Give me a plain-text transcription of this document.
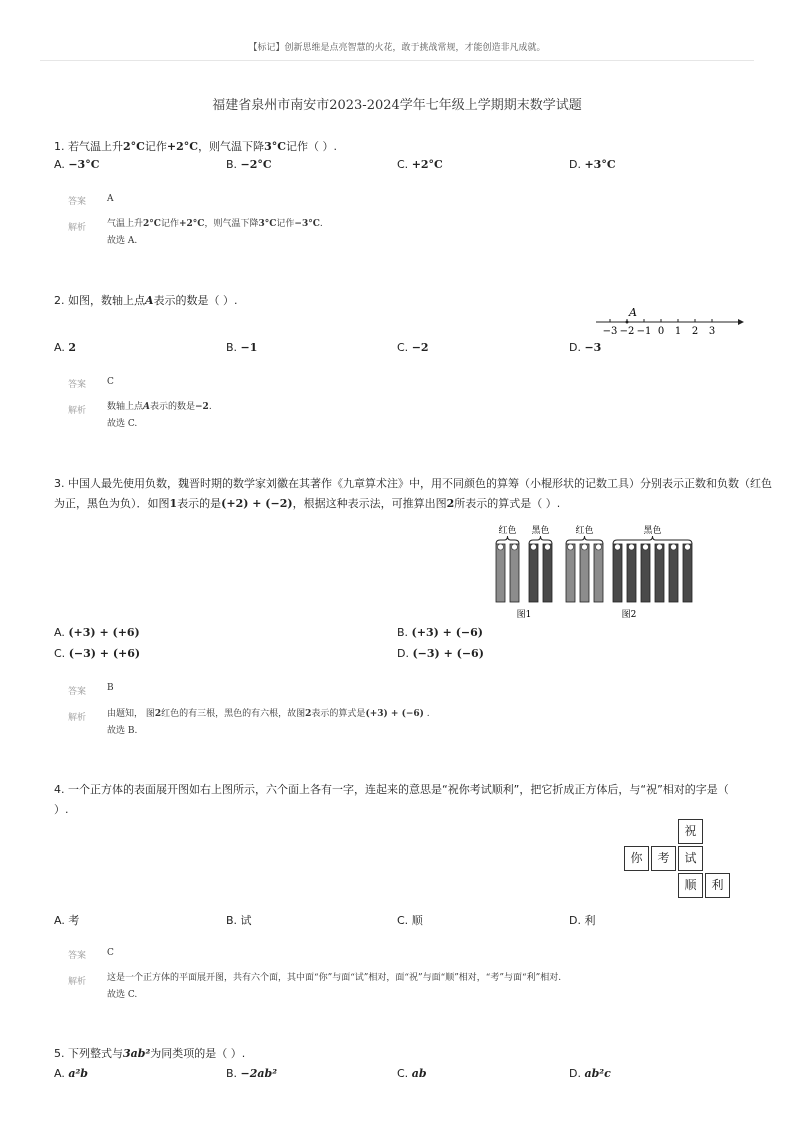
【标记】创新思维是点亮智慧的火花，敢于挑战常规，才能创造非凡成就。
福建省泉州市南安市2023-2024学年七年级上学期期末数学试题
1. 若气温上升2°C记作+2°C，则气温下降3°C记作（ ）.
A. −3°C	B. −2°C	C. +2°C	D. +3°C
答案 A
解析 气温上升2°C记作+2°C，则气温下降3°C记作−3°C.
故选 A.
2. 如图，数轴上点A表示的数是（ ）.
−3 −2 −1 0 1 2 3
A
A. 2	B. −1	C. −2	D. −3
答案 C
解析 数轴上点A表示的数是−2.
故选 C.
3. 中国人最先使用负数，魏晋时期的数学家刘徽在其著作《九章算术注》中，用不同颜色的算筹（小棍形状的记数工具）分别表示正数和负数（红色
为正，黑色为负）．如图1表示的是(+2) + (−2)，根据这种表示法，可推算出图2所表示的算式是（ ）.
红色 黑色
图1
红色	黑色
图2
A. (+3) + (+6)	B. (+3) + (−6)
C. (−3) + (+6)	D. (−3) + (−6)
答案 B
解析 由题知， 图2红色的有三根，黑色的有六根，故图2表示的算式是(+3) + (−6) .
故选 B.
4. 一个正方体的表面展开图如右上图所示，六个面上各有一字，连起来的意思是“祝你考试顺利”，把它折成正方体后，与“祝”相对的字是（
）.
祝
你	考	试
顺	利
A. 考	B. 试	C. 顺	D. 利
答案 C
解析 这是一个正方体的平面展开图，共有六个面，其中面“你”与面“试”相对，面“祝”与面“顺”相对，“考”与面“利”相对.
故选 C.
5. 下列整式与3ab²为同类项的是（ ）.
A. a²b	B. −2ab²	C. ab	D. ab²c
